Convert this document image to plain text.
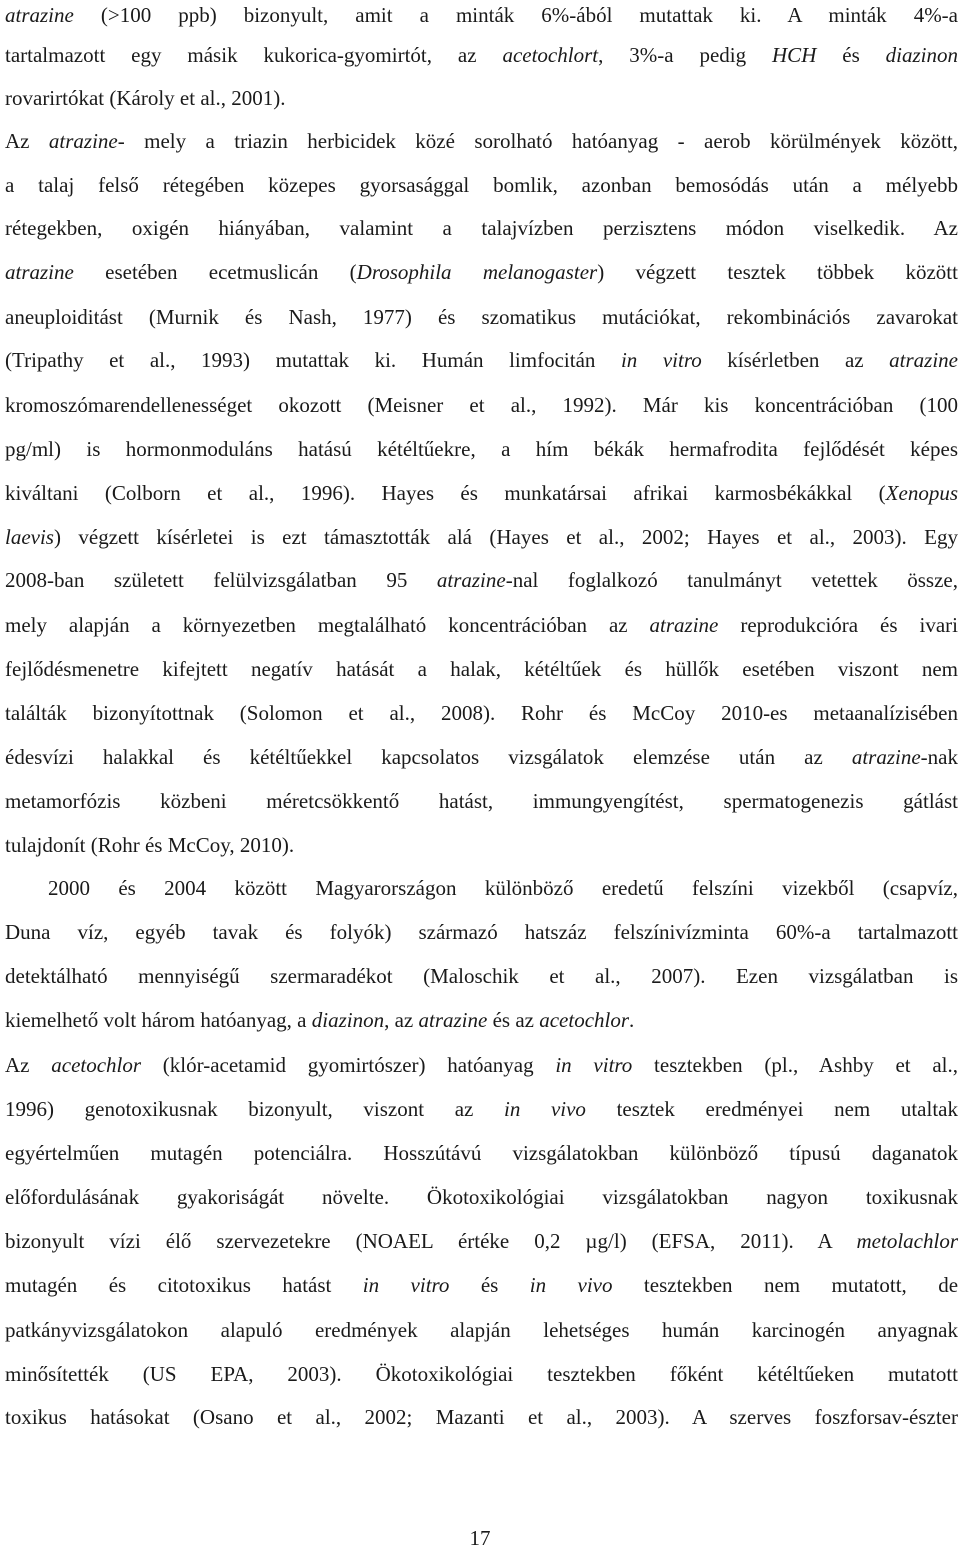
atrazine (>100 ppb) bizonyult, amit a minták 6%-ából mutattak ki. A minták 4%-a
tartalmazott egy másik kukorica-gyomirtót, az acetochlort, 3%-a pedig HCH és diazinon
rovarirtókat (Károly et al., 2001).
Az atrazine- mely a triazin herbicidek közé sorolható hatóanyag - aerob körülmények között,
a talaj felső rétegében közepes gyorsasággal bomlik, azonban bemosódás után a mélyebb
rétegekben, oxigén hiányában, valamint a talajvízben perzisztens módon viselkedik. Az
atrazine esetében ecetmuslicán (Drosophila melanogaster) végzett tesztek többek között
aneuploiditást (Murnik és Nash, 1977) és szomatikus mutációkat, rekombinációs zavarokat
(Tripathy et al., 1993) mutattak ki. Humán limfocitán in vitro kísérletben az atrazine
kromoszómarendellenességet okozott (Meisner et al., 1992). Már kis koncentrációban (100
pg/ml) is hormonmoduláns hatású kétéltűekre, a hím békák hermafrodita fejlődését képes
kiváltani (Colborn et al., 1996). Hayes és munkatársai afrikai karmosbékákkal (Xenopus
laevis) végzett kísérletei is ezt támasztották alá (Hayes et al., 2002; Hayes et al., 2003). Egy
2008-ban született felülvizsgálatban 95 atrazine-nal foglalkozó tanulmányt vetettek össze,
mely alapján a környezetben megtalálható koncentrációban az atrazine reprodukcióra és ivari
fejlődésmenetre kifejtett negatív hatását a halak, kétéltűek és hüllők esetében viszont nem
találták bizonyítottnak (Solomon et al., 2008). Rohr és McCoy 2010-es metaanalízisében
édesvízi halakkal és kétéltűekkel kapcsolatos vizsgálatok elemzése után az atrazine-nak
metamorfózis közbeni méretcsökkentő hatást, immungyengítést, spermatogenezis gátlást
tulajdonít (Rohr és McCoy, 2010).
2000 és 2004 között Magyarországon különböző eredetű felszíni vizekből (csapvíz,
Duna víz, egyéb tavak és folyók) származó hatszáz felszínivízminta 60%-a tartalmazott
detektálható mennyiségű szermaradékot (Maloschik et al., 2007). Ezen vizsgálatban is
kiemelhető volt három hatóanyag, a diazinon, az atrazine és az acetochlor.
Az acetochlor (klór-acetamid gyomirtószer) hatóanyag in vitro tesztekben (pl., Ashby et al.,
1996) genotoxikusnak bizonyult, viszont az in vivo tesztek eredményei nem utaltak
egyértelműen mutagén potenciálra. Hosszútávú vizsgálatokban különböző típusú daganatok
előfordulásának gyakoriságát növelte. Ökotoxikológiai vizsgálatokban nagyon toxikusnak
bizonyult vízi élő szervezetekre (NOAEL értéke 0,2 µg/l) (EFSA, 2011). A metolachlor
mutagén és citotoxikus hatást in vitro és in vivo tesztekben nem mutatott, de
patkányvizsgálatokon alapuló eredmények alapján lehetséges humán karcinogén anyagnak
minősítették (US EPA, 2003). Ökotoxikológiai tesztekben főként kétéltűeken mutatott
toxikus hatásokat (Osano et al., 2002; Mazanti et al., 2003). A szerves foszforsav-észter
17
